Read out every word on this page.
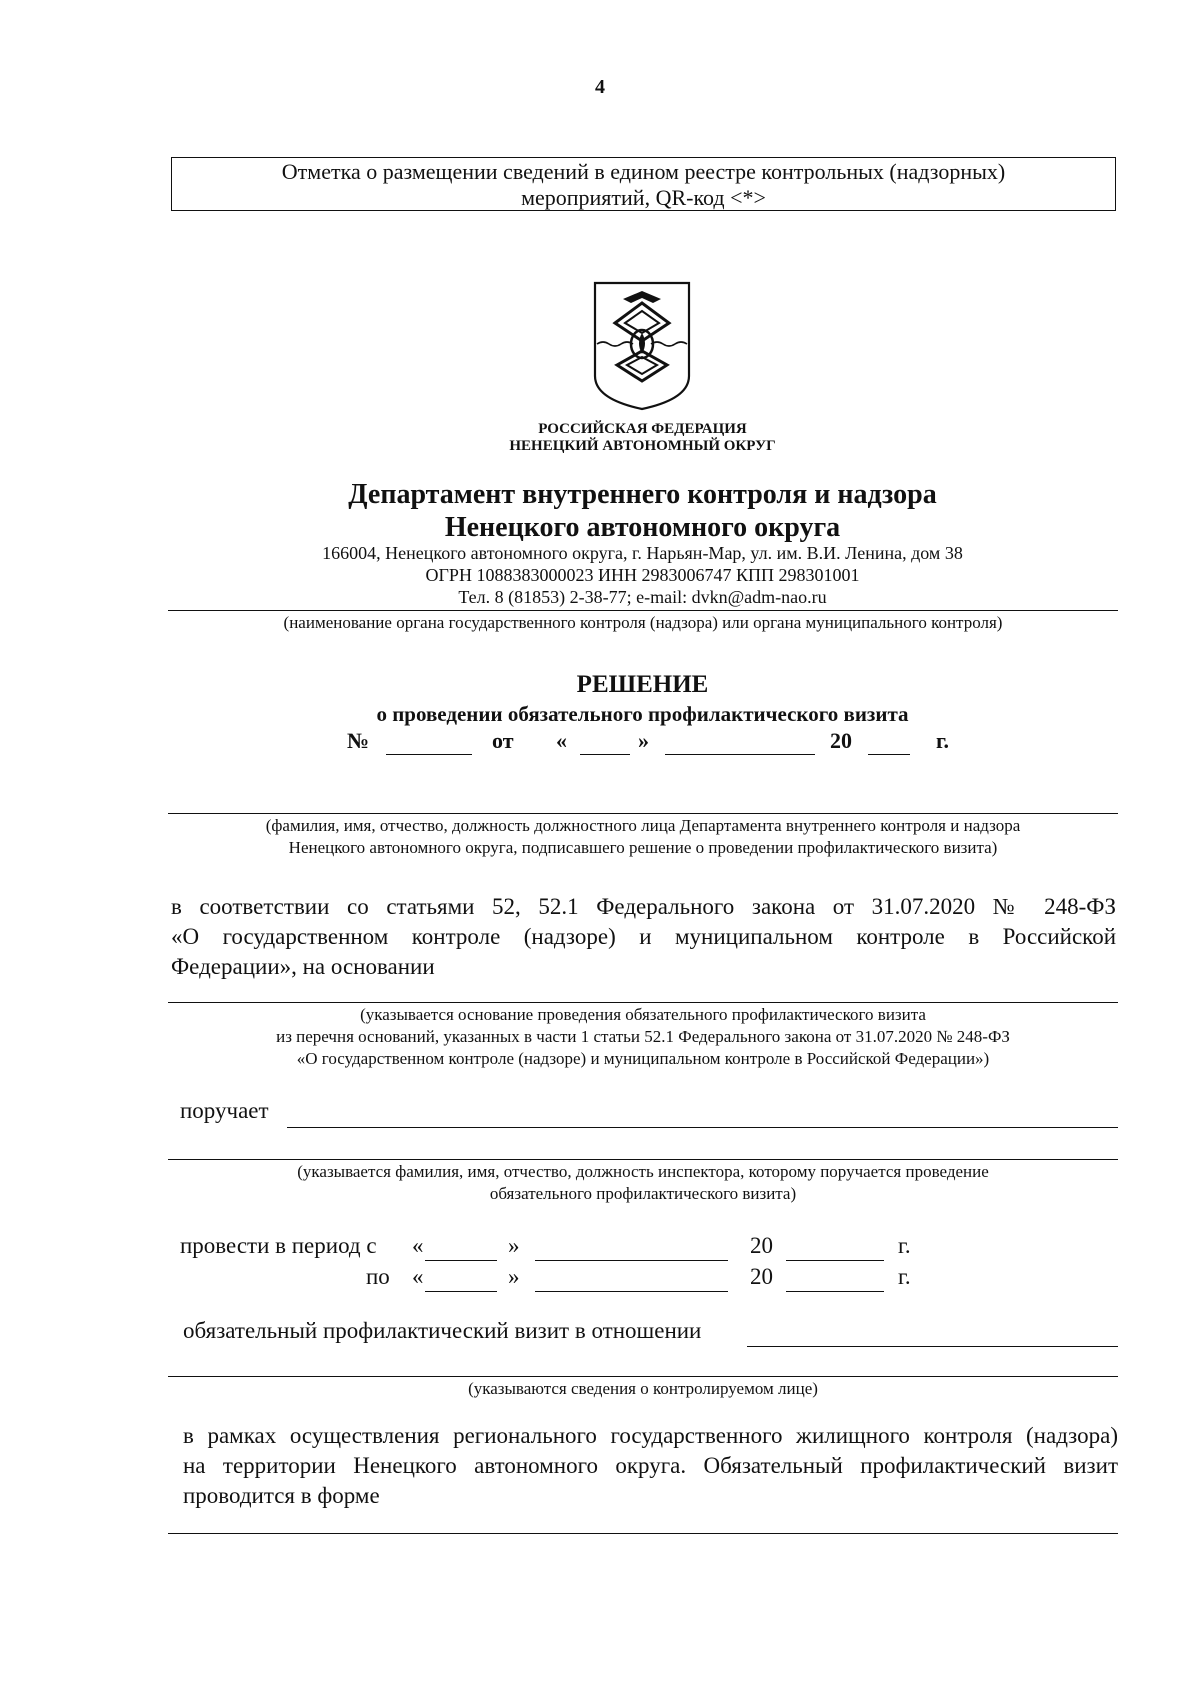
4
Отметка о размещении сведений в едином реестре контрольных (надзорных)
мероприятий, QR-код <*>
РОССИЙСКАЯ ФЕДЕРАЦИЯ
НЕНЕЦКИЙ АВТОНОМНЫЙ ОКРУГ
Департамент внутреннего контроля и надзора
Ненецкого автономного округа
166004, Ненецкого автономного округа, г. Нарьян-Мар, ул. им. В.И. Ленина, дом 38
ОГРН 1088383000023 ИНН 2983006747 КПП 298301001
Тел. 8 (81853) 2-38-77; e-mail: dvkn@adm-nao.ru
(наименование органа государственного контроля (надзора) или органа муниципального контроля)
РЕШЕНИЕ
о проведении обязательного профилактического визита
№	от «	»	20	г.
(фамилия, имя, отчество, должность должностного лица Департамента внутреннего контроля и надзора
Ненецкого автономного округа, подписавшего решение о проведении профилактического визита)
в соответствии со статьями 52, 52.1 Федерального закона от 31.07.2020 № 248-ФЗ
«О государственном контроле (надзоре) и муниципальном контроле в Российской
Федерации», на основании
(указывается основание проведения обязательного профилактического визита
из перечня оснований, указанных в части 1 статьи 52.1 Федерального закона от 31.07.2020 № 248-ФЗ
«О государственном контроле (надзоре) и муниципальном контроле в Российской Федерации»)
поручает
(указывается фамилия, имя, отчество, должность инспектора, которому поручается проведение
обязательного профилактического визита)
провести в период с «	»	20	г.
по «	»	20	г.
обязательный профилактический визит в отношении
(указываются сведения о контролируемом лице)
в рамках осуществления регионального государственного жилищного контроля (надзора)
на территории Ненецкого автономного округа. Обязательный профилактический визит
проводится в форме
